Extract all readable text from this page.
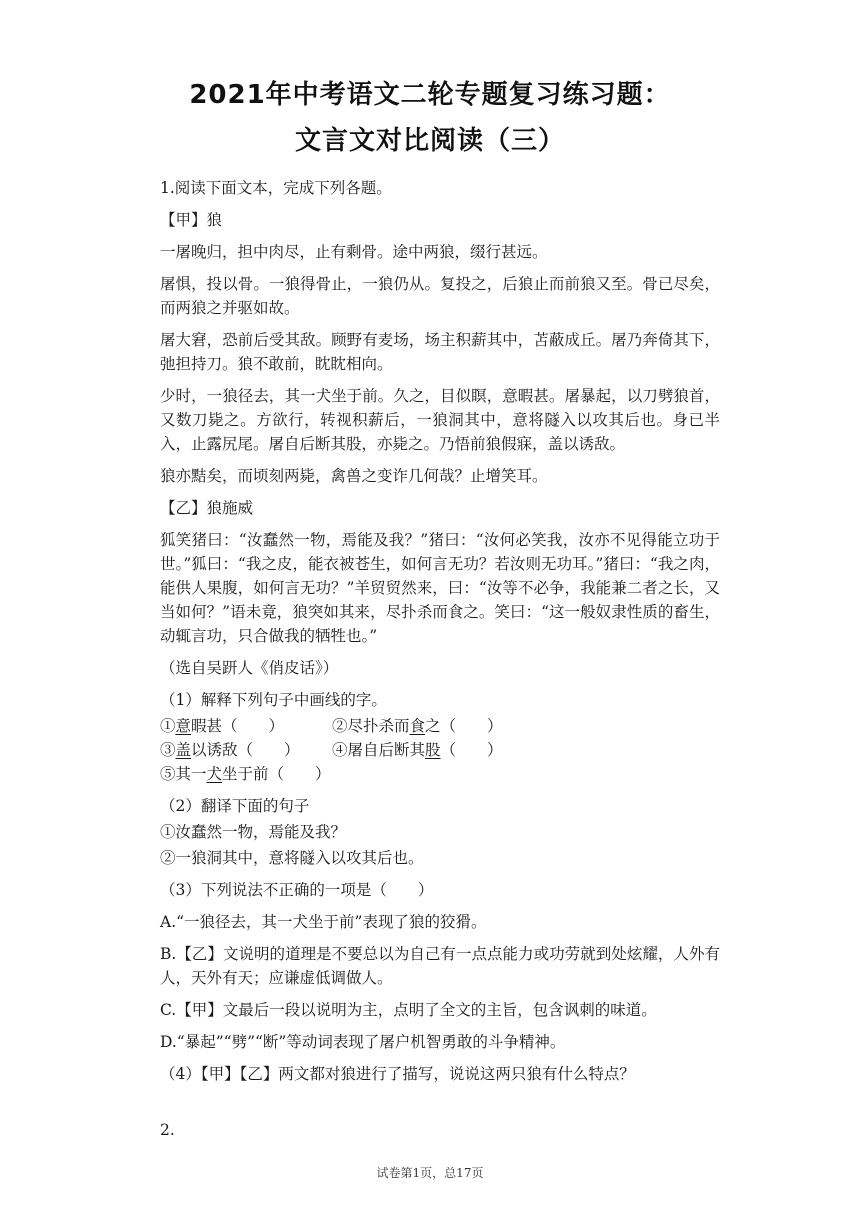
2021年中考语文二轮专题复习练习题：
文言文对比阅读（三）

1.阅读下面文本，完成下列各题。

【甲】狼

一屠晚归，担中肉尽，止有剩骨。途中两狼，缀行甚远。

屠惧，投以骨。一狼得骨止，一狼仍从。复投之，后狼止而前狼又至。骨已尽矣，而两狼之并驱如故。

屠大窘，恐前后受其敌。顾野有麦场，场主积薪其中，苫蔽成丘。屠乃奔倚其下，弛担持刀。狼不敢前，眈眈相向。

少时，一狼径去，其一犬坐于前。久之，目似瞑，意暇甚。屠暴起，以刀劈狼首，又数刀毙之。方欲行，转视积薪后，一狼洞其中，意将隧入以攻其后也。身已半入，止露尻尾。屠自后断其股，亦毙之。乃悟前狼假寐，盖以诱敌。

狼亦黠矣，而顷刻两毙，禽兽之变诈几何哉？止增笑耳。

【乙】狼施威

狐笑猪曰：“汝蠢然一物，焉能及我？”猪曰：“汝何必笑我，汝亦不见得能立功于世。”狐曰：“我之皮，能衣被苍生，如何言无功？若汝则无功耳。”猪曰：“我之肉，能供人果腹，如何言无功？”羊贸贸然来，曰：“汝等不必争，我能兼二者之长，又当如何？”语未竟，狼突如其来，尽扑杀而食之。笑曰：“这一般奴隶性质的畜生，动辄言功，只合做我的牺牲也。”

（选自吴趼人《俏皮话》）

（1）解释下列句子中画线的字。

①意暇甚（　　）	②尽扑杀而食之（　　）
③盖以诱敌（　　）	④屠自后断其股（　　）
⑤其一犬坐于前（　　）

（2）翻译下面的句子

①汝蠢然一物，焉能及我？

②一狼洞其中，意将隧入以攻其后也。

（3）下列说法不正确的一项是（　　）

A.“一狼径去，其一犬坐于前”表现了狼的狡猾。

B.【乙】文说明的道理是不要总以为自己有一点点能力或功劳就到处炫耀，人外有人，天外有天；应谦虚低调做人。

C.【甲】文最后一段以说明为主，点明了全文的主旨，包含讽刺的味道。

D.“暴起”“劈”“断”等动词表现了屠户机智勇敢的斗争精神。

（4）【甲】【乙】两文都对狼进行了描写，说说这两只狼有什么特点？

2.

试卷第1页，总17页
